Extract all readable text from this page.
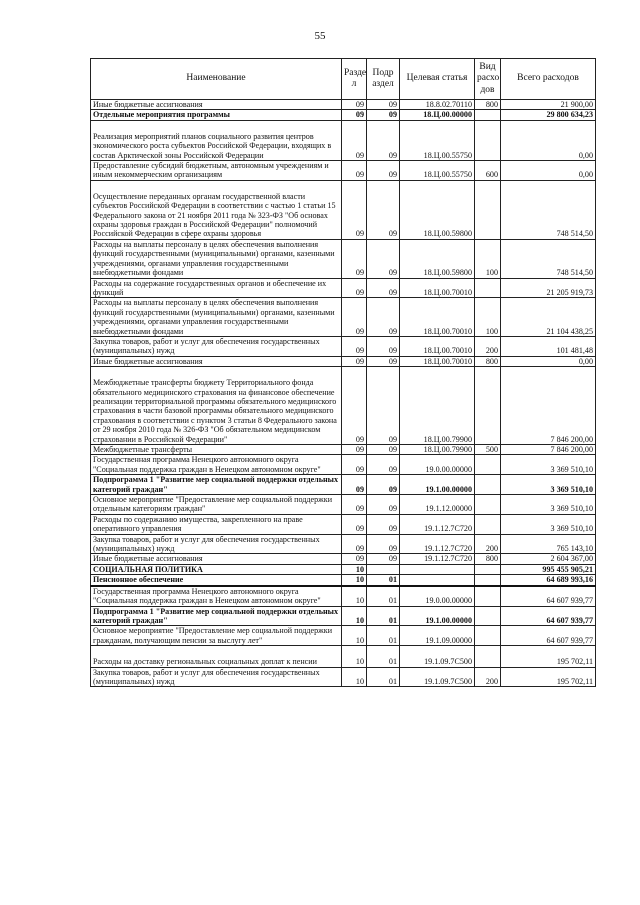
55
Наименование	Разде л	Подр аздел	Целевая статья	Вид расхо дов	Всего расходов
Иные бюджетные ассигнования	09	09	18.8.02.70110	800	21 900,00
Отдельные мероприятия программы	09	09	18.Ц.00.00000		29 800 634,23
Реализация мероприятий планов социального развития центров экономического роста субъектов Российской Федерации, входящих в состав Арктической зоны Российской Федерации	09	09	18.Ц.00.55750		0,00
Предоставление субсидий бюджетным, автономным учреждениям и иным некоммерческим организациям	09	09	18.Ц.00.55750	600	0,00
Осуществление переданных органам государственной власти субъектов Российской Федерации в соответствии с частью 1 статьи 15 Федерального закона от 21 ноября 2011 года № 323-ФЗ "Об основах охраны здоровья граждан в Российской Федерации" полномочий Российской Федерации в сфере охраны здоровья	09	09	18.Ц.00.59800		748 514,50
Расходы на выплаты персоналу в целях обеспечения выполнения функций государственными (муниципальными) органами, казенными учреждениями, органами управления государственными внебюджетными фондами	09	09	18.Ц.00.59800	100	748 514,50
Расходы на содержание государственных органов и обеспечение их функций	09	09	18.Ц.00.70010		21 205 919,73
Расходы на выплаты персоналу в целях обеспечения выполнения функций государственными (муниципальными) органами, казенными учреждениями, органами управления государственными внебюджетными фондами	09	09	18.Ц.00.70010	100	21 104 438,25
Закупка товаров, работ и услуг для обеспечения государственных (муниципальных) нужд	09	09	18.Ц.00.70010	200	101 481,48
Иные бюджетные ассигнования	09	09	18.Ц.00.70010	800	0,00
Межбюджетные трансферты бюджету Территориального фонда обязательного медицинского страхования на финансовое обеспечение реализации территориальной программы обязательного медицинского страхования в части базовой программы обязательного медицинского страхования в соответствии с пунктом 3 статьи 8 Федерального закона от 29 ноября 2010 года № 326-ФЗ "Об обязательном медицинском страховании в Российской Федерации"	09	09	18.Ц.00.79900		7 846 200,00
Межбюджетные трансферты	09	09	18.Ц.00.79900	500	7 846 200,00
Государственная программа Ненецкого автономного округа "Социальная поддержка граждан в Ненецком автономном округе"	09	09	19.0.00.00000		3 369 510,10
Подпрограмма 1 "Развитие мер социальной поддержки отдельных категорий граждан"	09	09	19.1.00.00000		3 369 510,10
Основное мероприятие "Предоставление мер социальной поддержки отдельным категориям граждан"	09	09	19.1.12.00000		3 369 510,10
Расходы по содержанию имущества, закрепленного на праве оперативного управления	09	09	19.1.12.7C720		3 369 510,10
Закупка товаров, работ и услуг для обеспечения государственных (муниципальных) нужд	09	09	19.1.12.7C720	200	765 143,10
Иные бюджетные ассигнования	09	09	19.1.12.7C720	800	2 604 367,00
СОЦИАЛЬНАЯ ПОЛИТИКА	10				995 455 905,21
Пенсионное обеспечение	10	01			64 689 993,16
Государственная программа Ненецкого автономного округа "Социальная поддержка граждан в Ненецком автономном округе"	10	01	19.0.00.00000		64 607 939,77
Подпрограмма 1 "Развитие мер социальной поддержки отдельных категорий граждан"	10	01	19.1.00.00000		64 607 939,77
Основное мероприятие "Предоставление мер социальной поддержки гражданам, получающим пенсии за выслугу лет"	10	01	19.1.09.00000		64 607 939,77
Расходы на доставку региональных социальных доплат к пенсии	10	01	19.1.09.7C500		195 702,11
Закупка товаров, работ и услуг для обеспечения государственных (муниципальных) нужд	10	01	19.1.09.7C500	200	195 702,11
